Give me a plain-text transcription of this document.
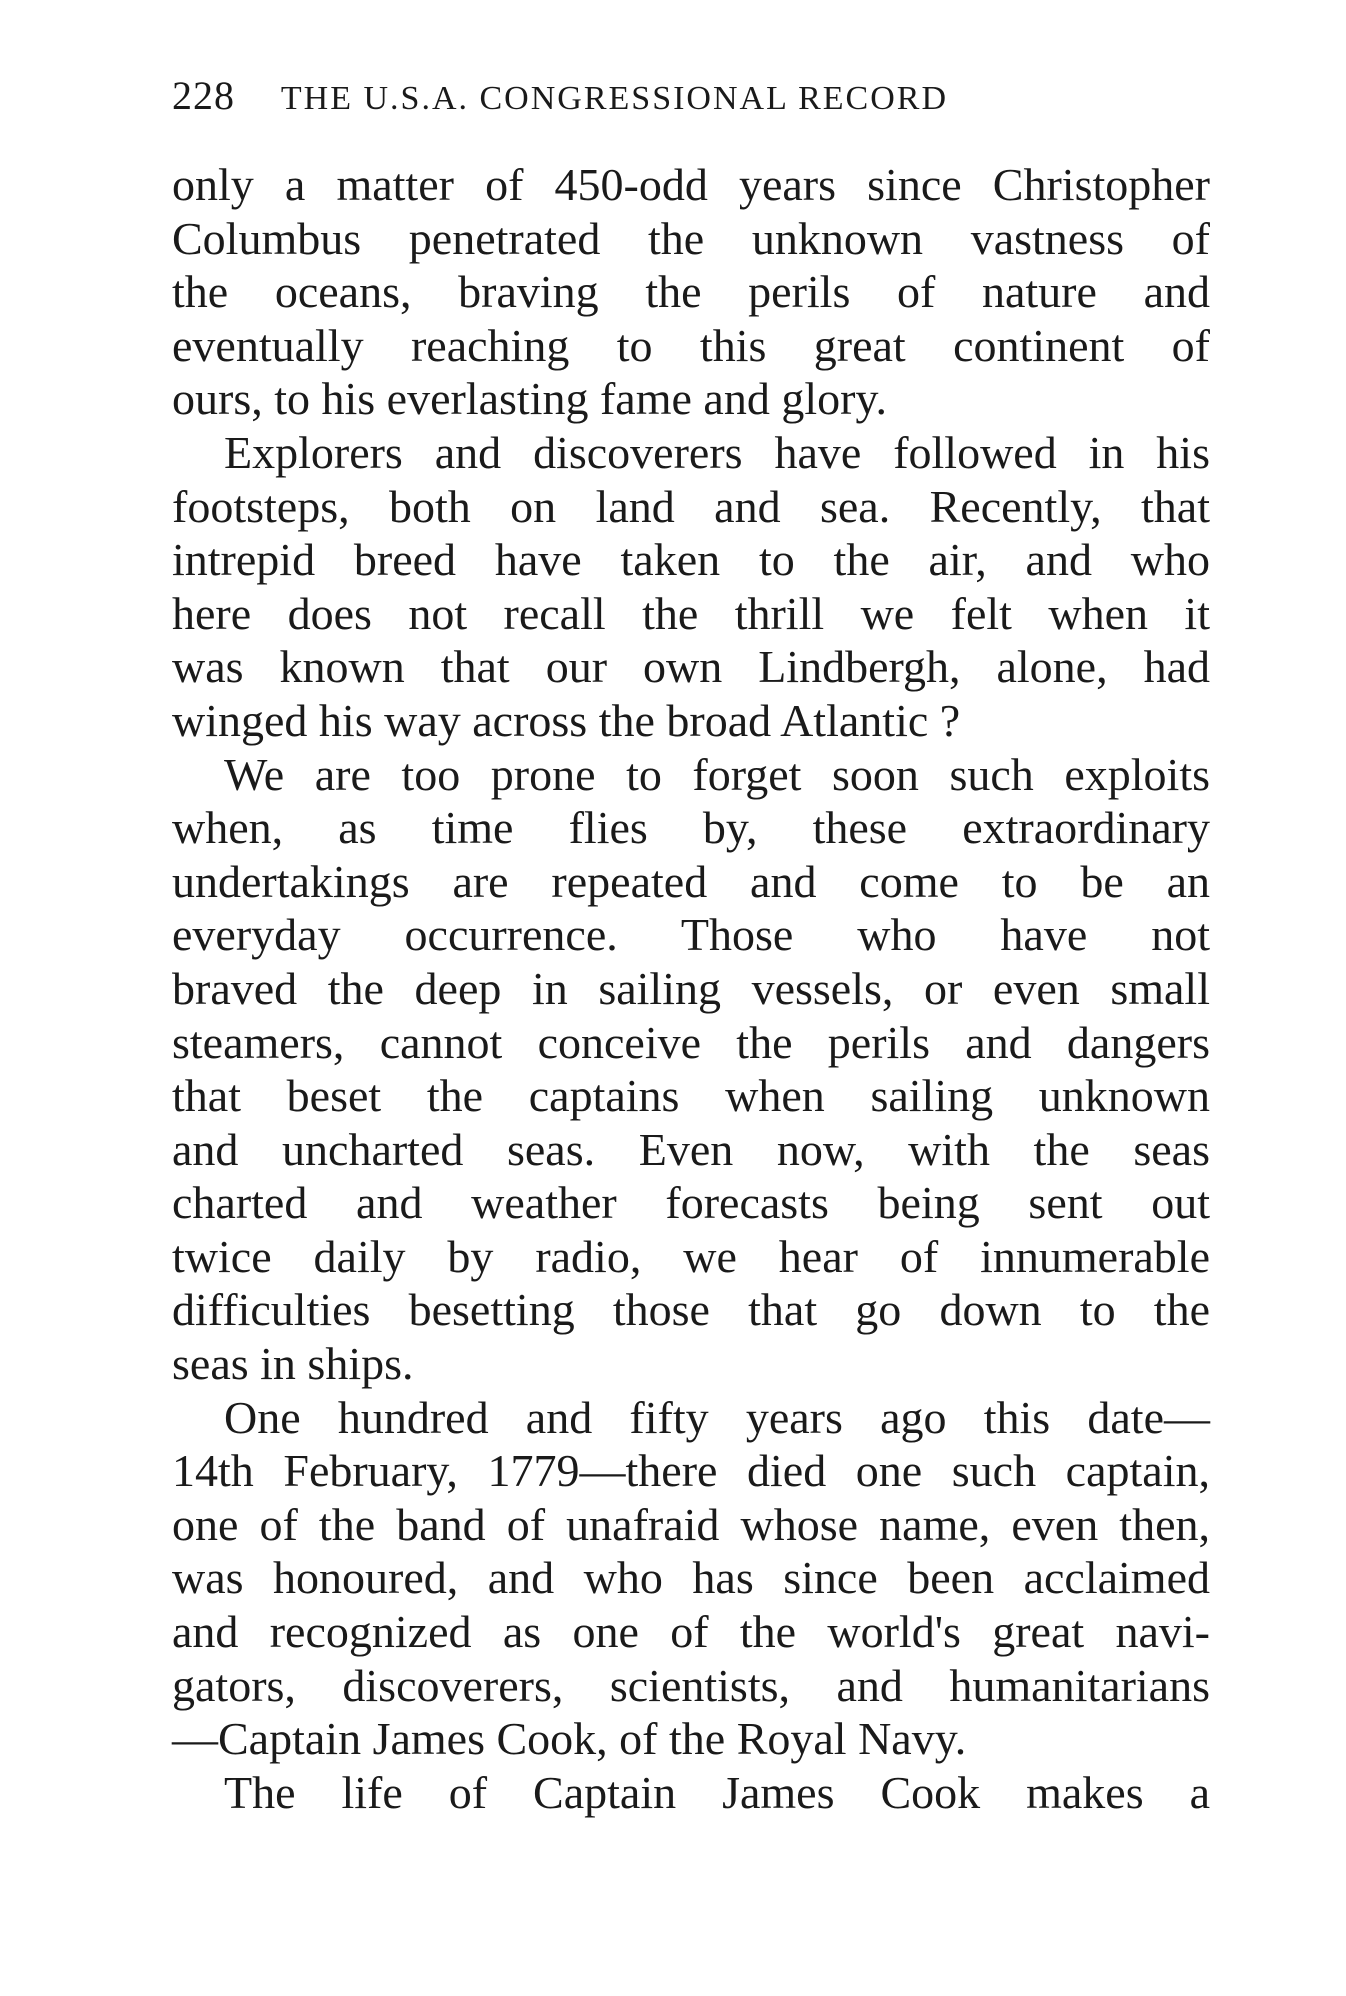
228 THE U.S.A. CONGRESSIONAL RECORD
only a matter of 450-odd years since Christopher
Columbus penetrated the unknown vastness of
the oceans, braving the perils of nature and
eventually reaching to this great continent of
ours, to his everlasting fame and glory.
Explorers and discoverers have followed in his
footsteps, both on land and sea. Recently, that
intrepid breed have taken to the air, and who
here does not recall the thrill we felt when it
was known that our own Lindbergh, alone, had
winged his way across the broad Atlantic ?
We are too prone to forget soon such exploits
when, as time flies by, these extraordinary
undertakings are repeated and come to be an
everyday occurrence. Those who have not
braved the deep in sailing vessels, or even small
steamers, cannot conceive the perils and dangers
that beset the captains when sailing unknown
and uncharted seas. Even now, with the seas
charted and weather forecasts being sent out
twice daily by radio, we hear of innumerable
difficulties besetting those that go down to the
seas in ships.
One hundred and fifty years ago this date—
14th February, 1779—there died one such captain,
one of the band of unafraid whose name, even then,
was honoured, and who has since been acclaimed
and recognized as one of the world's great navi-
gators, discoverers, scientists, and humanitarians
—Captain James Cook, of the Royal Navy.
The life of Captain James Cook makes a
